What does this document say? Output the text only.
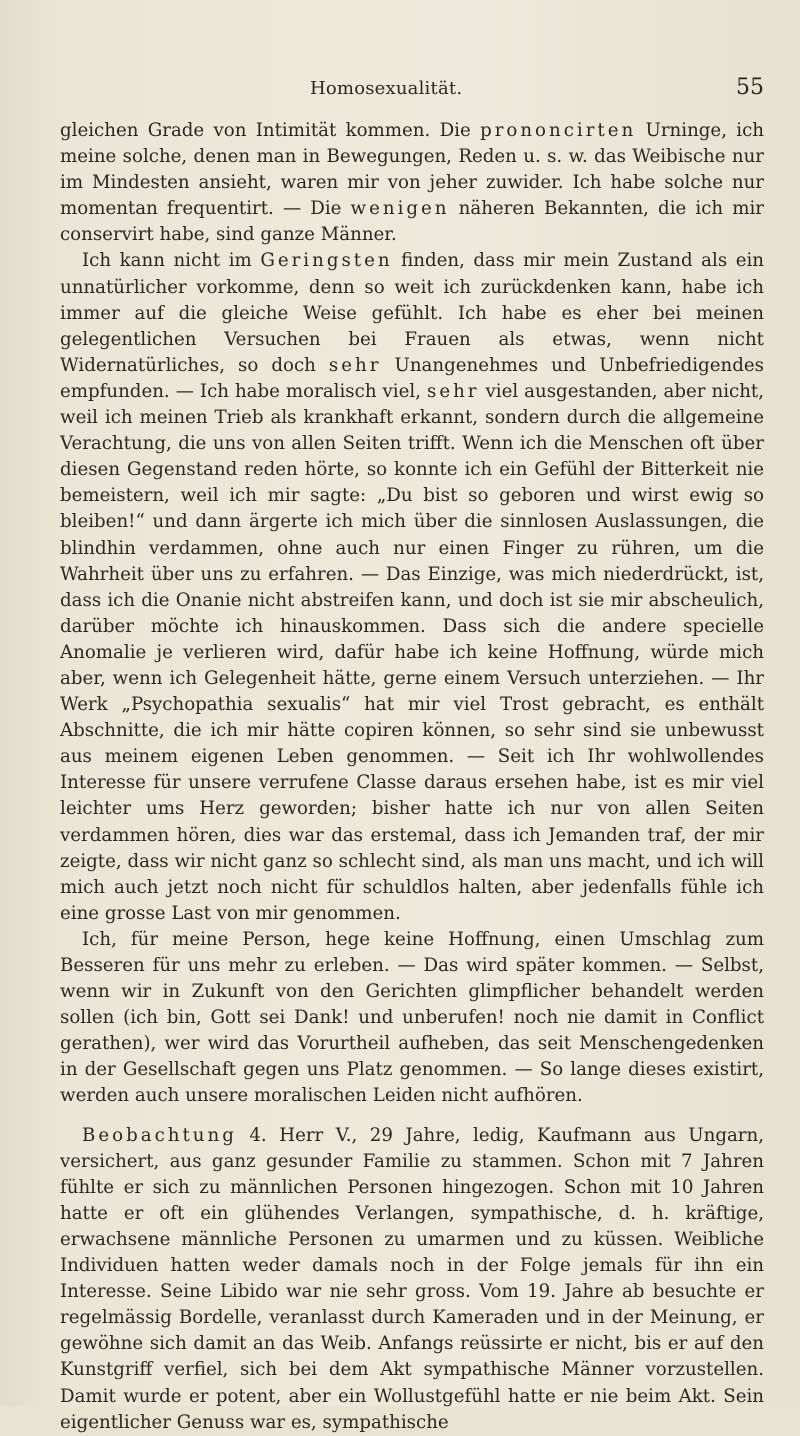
Homosexualität.	55

gleichen Grade von Intimität kommen. Die prononcirten Urninge, ich meine solche, denen man in Bewegungen, Reden u. s. w. das Weibische nur im Mindesten ansieht, waren mir von jeher zuwider. Ich habe solche nur momentan frequentirt. — Die wenigen näheren Bekannten, die ich mir conservirt habe, sind ganze Männer.

Ich kann nicht im Geringsten finden, dass mir mein Zustand als ein unnatürlicher vorkomme, denn so weit ich zurückdenken kann, habe ich immer auf die gleiche Weise gefühlt. Ich habe es eher bei meinen gelegentlichen Versuchen bei Frauen als etwas, wenn nicht Widernatürliches, so doch sehr Unangenehmes und Unbefriedigendes empfunden. — Ich habe moralisch viel, sehr viel ausgestanden, aber nicht, weil ich meinen Trieb als krankhaft erkannt, sondern durch die allgemeine Verachtung, die uns von allen Seiten trifft. Wenn ich die Menschen oft über diesen Gegenstand reden hörte, so konnte ich ein Gefühl der Bitterkeit nie bemeistern, weil ich mir sagte: „Du bist so geboren und wirst ewig so bleiben!“ und dann ärgerte ich mich über die sinnlosen Auslassungen, die blindhin verdammen, ohne auch nur einen Finger zu rühren, um die Wahrheit über uns zu erfahren. — Das Einzige, was mich niederdrückt, ist, dass ich die Onanie nicht abstreifen kann, und doch ist sie mir abscheulich, darüber möchte ich hinauskommen. Dass sich die andere specielle Anomalie je verlieren wird, dafür habe ich keine Hoffnung, würde mich aber, wenn ich Gelegenheit hätte, gerne einem Versuch unterziehen. — Ihr Werk „Psychopathia sexualis“ hat mir viel Trost gebracht, es enthält Abschnitte, die ich mir hätte copiren können, so sehr sind sie unbewusst aus meinem eigenen Leben genommen. — Seit ich Ihr wohlwollendes Interesse für unsere verrufene Classe daraus ersehen habe, ist es mir viel leichter ums Herz geworden; bisher hatte ich nur von allen Seiten verdammen hören, dies war das erstemal, dass ich Jemanden traf, der mir zeigte, dass wir nicht ganz so schlecht sind, als man uns macht, und ich will mich auch jetzt noch nicht für schuldlos halten, aber jedenfalls fühle ich eine grosse Last von mir genommen.

Ich, für meine Person, hege keine Hoffnung, einen Umschlag zum Besseren für uns mehr zu erleben. — Das wird später kommen. — Selbst, wenn wir in Zukunft von den Gerichten glimpflicher behandelt werden sollen (ich bin, Gott sei Dank! und unberufen! noch nie damit in Conflict gerathen), wer wird das Vorurtheil aufheben, das seit Menschengedenken in der Gesellschaft gegen uns Platz genommen. — So lange dieses existirt, werden auch unsere moralischen Leiden nicht aufhören.

Beobachtung 4. Herr V., 29 Jahre, ledig, Kaufmann aus Ungarn, versichert, aus ganz gesunder Familie zu stammen. Schon mit 7 Jahren fühlte er sich zu männlichen Personen hingezogen. Schon mit 10 Jahren hatte er oft ein glühendes Verlangen, sympathische, d. h. kräftige, erwachsene männliche Personen zu umarmen und zu küssen. Weibliche Individuen hatten weder damals noch in der Folge jemals für ihn ein Interesse. Seine Libido war nie sehr gross. Vom 19. Jahre ab besuchte er regelmässig Bordelle, veranlasst durch Kameraden und in der Meinung, er gewöhne sich damit an das Weib. Anfangs reüssirte er nicht, bis er auf den Kunstgriff verfiel, sich bei dem Akt sympathische Männer vorzustellen. Damit wurde er potent, aber ein Wollustgefühl hatte er nie beim Akt. Sein eigentlicher Genuss war es, sympathische
